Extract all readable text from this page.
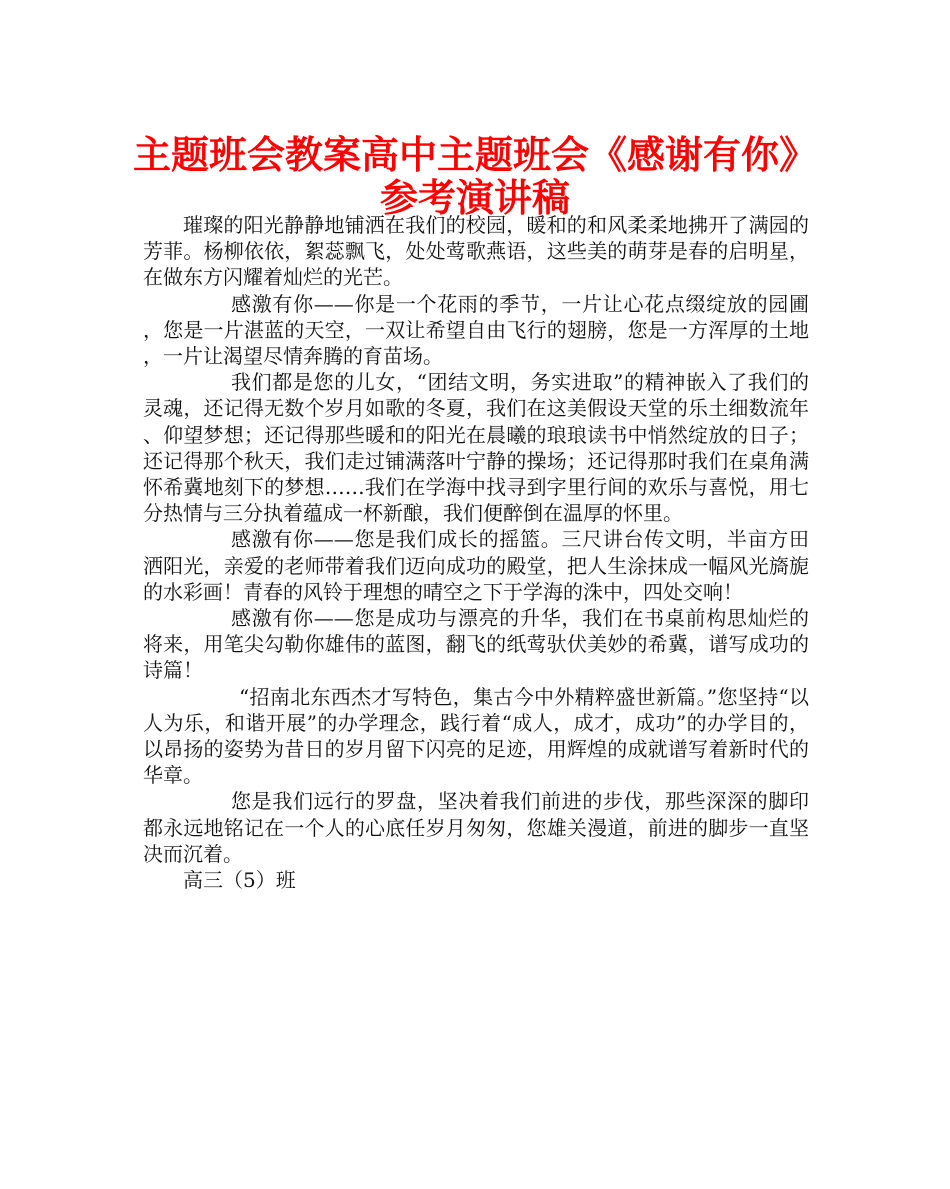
主题班会教案高中主题班会《感谢有你》
参考演讲稿

璀璨的阳光静静地铺洒在我们的校园，暖和的和风柔柔地拂开了满园的芳菲。杨柳依依，絮蕊飘飞，处处莺歌燕语，这些美的萌芽是春的启明星，在做东方闪耀着灿烂的光芒。

感激有你——你是一个花雨的季节，一片让心花点缀绽放的园圃，您是一片湛蓝的天空，一双让希望自由飞行的翅膀，您是一方浑厚的土地，一片让渴望尽情奔腾的育苗场。

我们都是您的儿女，“团结文明，务实进取”的精神嵌入了我们的灵魂，还记得无数个岁月如歌的冬夏，我们在这美假设天堂的乐土细数流年、仰望梦想；还记得那些暖和的阳光在晨曦的琅琅读书中悄然绽放的日子；还记得那个秋天，我们走过铺满落叶宁静的操场；还记得那时我们在桌角满怀希冀地刻下的梦想……我们在学海中找寻到字里行间的欢乐与喜悦，用七分热情与三分执着蕴成一杯新酿，我们便醉倒在温厚的怀里。

感激有你——您是我们成长的摇篮。三尺讲台传文明，半亩方田洒阳光，亲爱的老师带着我们迈向成功的殿堂，把人生涂抹成一幅风光旖旎的水彩画！青春的风铃于理想的晴空之下于学海的洙中，四处交响！

感激有你——您是成功与漂亮的升华，我们在书桌前构思灿烂的将来，用笔尖勾勒你雄伟的蓝图，翻飞的纸莺驮伏美妙的希冀，谱写成功的诗篇！

“招南北东西杰才写特色，集古今中外精粹盛世新篇。”您坚持“以人为乐，和谐开展”的办学理念，践行着“成人，成才，成功”的办学目的，以昂扬的姿势为昔日的岁月留下闪亮的足迹，用辉煌的成就谱写着新时代的华章。

您是我们远行的罗盘，坚决着我们前进的步伐，那些深深的脚印都永远地铭记在一个人的心底任岁月匆匆，您雄关漫道，前进的脚步一直坚决而沉着。

高三（5）班
